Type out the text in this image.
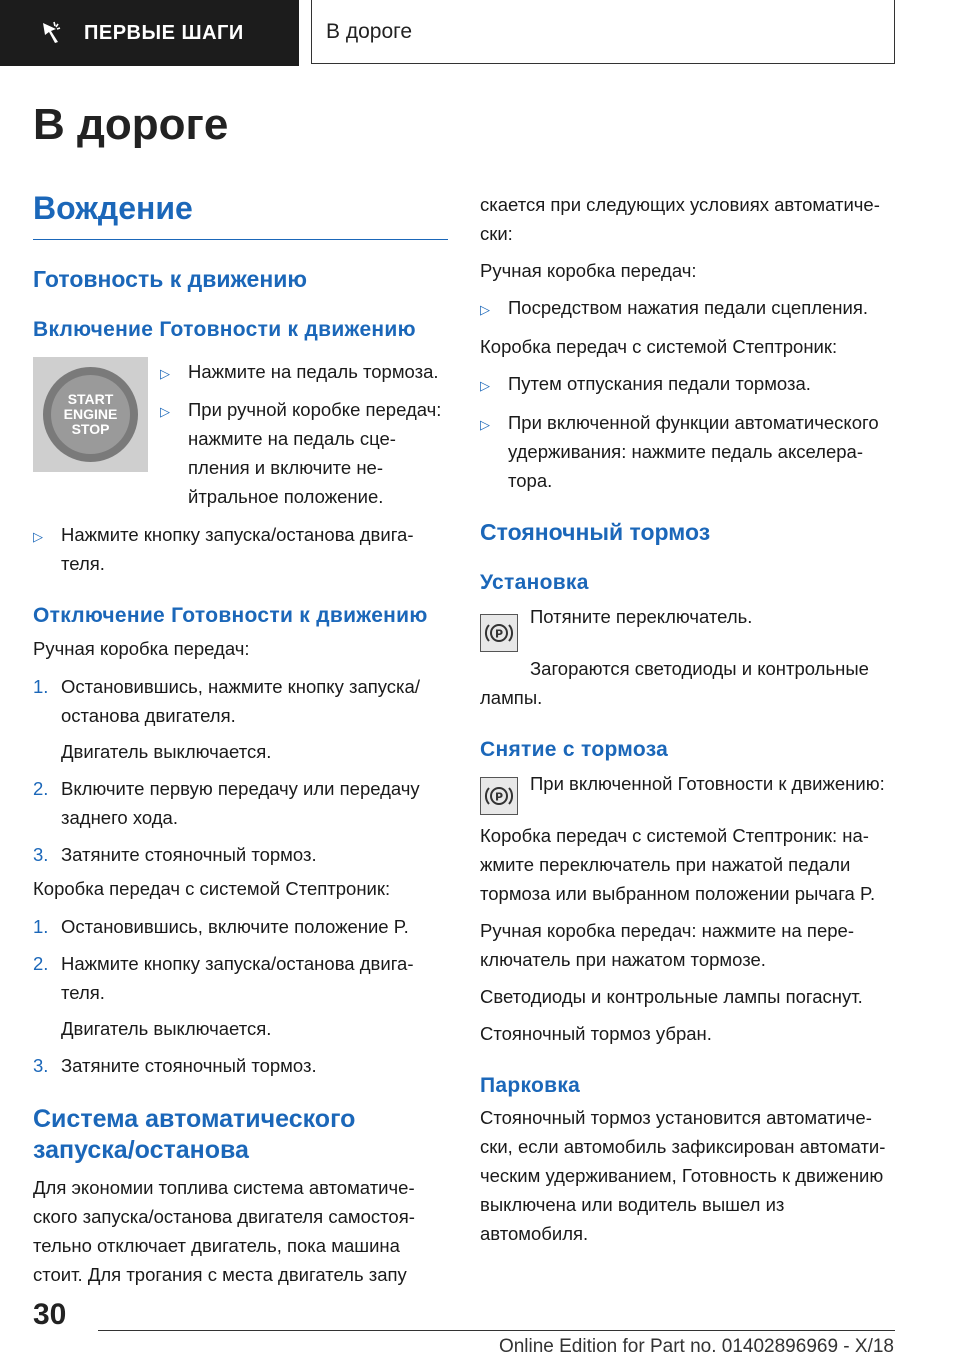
ПЕРВЫЕ ШАГИ	В дороге
В дороге
Вождение
Готовность к движению
Включение Готовности к движению
START
ENGINE
STOP
▷ Нажмите на педаль тормоза.
▷ При ручной коробке передач: нажмите на педаль сцепления и включите нейтральное положение.
▷ Нажмите кнопку запуска/останова двигателя.
Отключение Готовности к движению

Ручная коробка передач:

1. Остановившись, нажмите кнопку запуска/ останова двигателя.

Двигатель выключается.

2. Включите первую передачу или передачу заднего хода.
3. Затяните стояночный тормоз.

Коробка передач с системой Стептроник:

1. Остановившись, включите положение P.
2. Нажмите кнопку запуска/останова двигателя.

Двигатель выключается.

3. Затяните стояночный тормоз.
Система автоматического запуска/останова

Для экономии топлива система автоматического запуска/останова двигателя самостоятельно отключает двигатель, пока машина стоит. Для трогания с места двигатель запу

скается при следующих условиях автоматически:

Ручная коробка передач:

▷ Посредством нажатия педали сцепления.

Коробка передач с системой Стептроник:

▷ Путем отпускания педали тормоза.
▷ При включенной функции автоматического удерживания: нажмите педаль акселератора.
Стояночный тормоз
Установка
P

Потяните переключатель.

Загораются светодиоды и контрольные лампы.

Снятие с тормоза
P

При включенной Готовности к движению:

Коробка передач с системой Стептроник: нажмите переключатель при нажатой педали тормоза или выбранном положении рычага P.

Ручная коробка передач: нажмите на переключатель при нажатом тормозе.

Светодиоды и контрольные лампы погаснут.

Стояночный тормоз убран.

Парковка

Стояночный тормоз установится автоматически, если автомобиль зафиксирован автоматическим удерживанием, Готовность к движению выключена или водитель вышел из автомобиля.

30
Online Edition for Part no. 01402896969 - X/18
